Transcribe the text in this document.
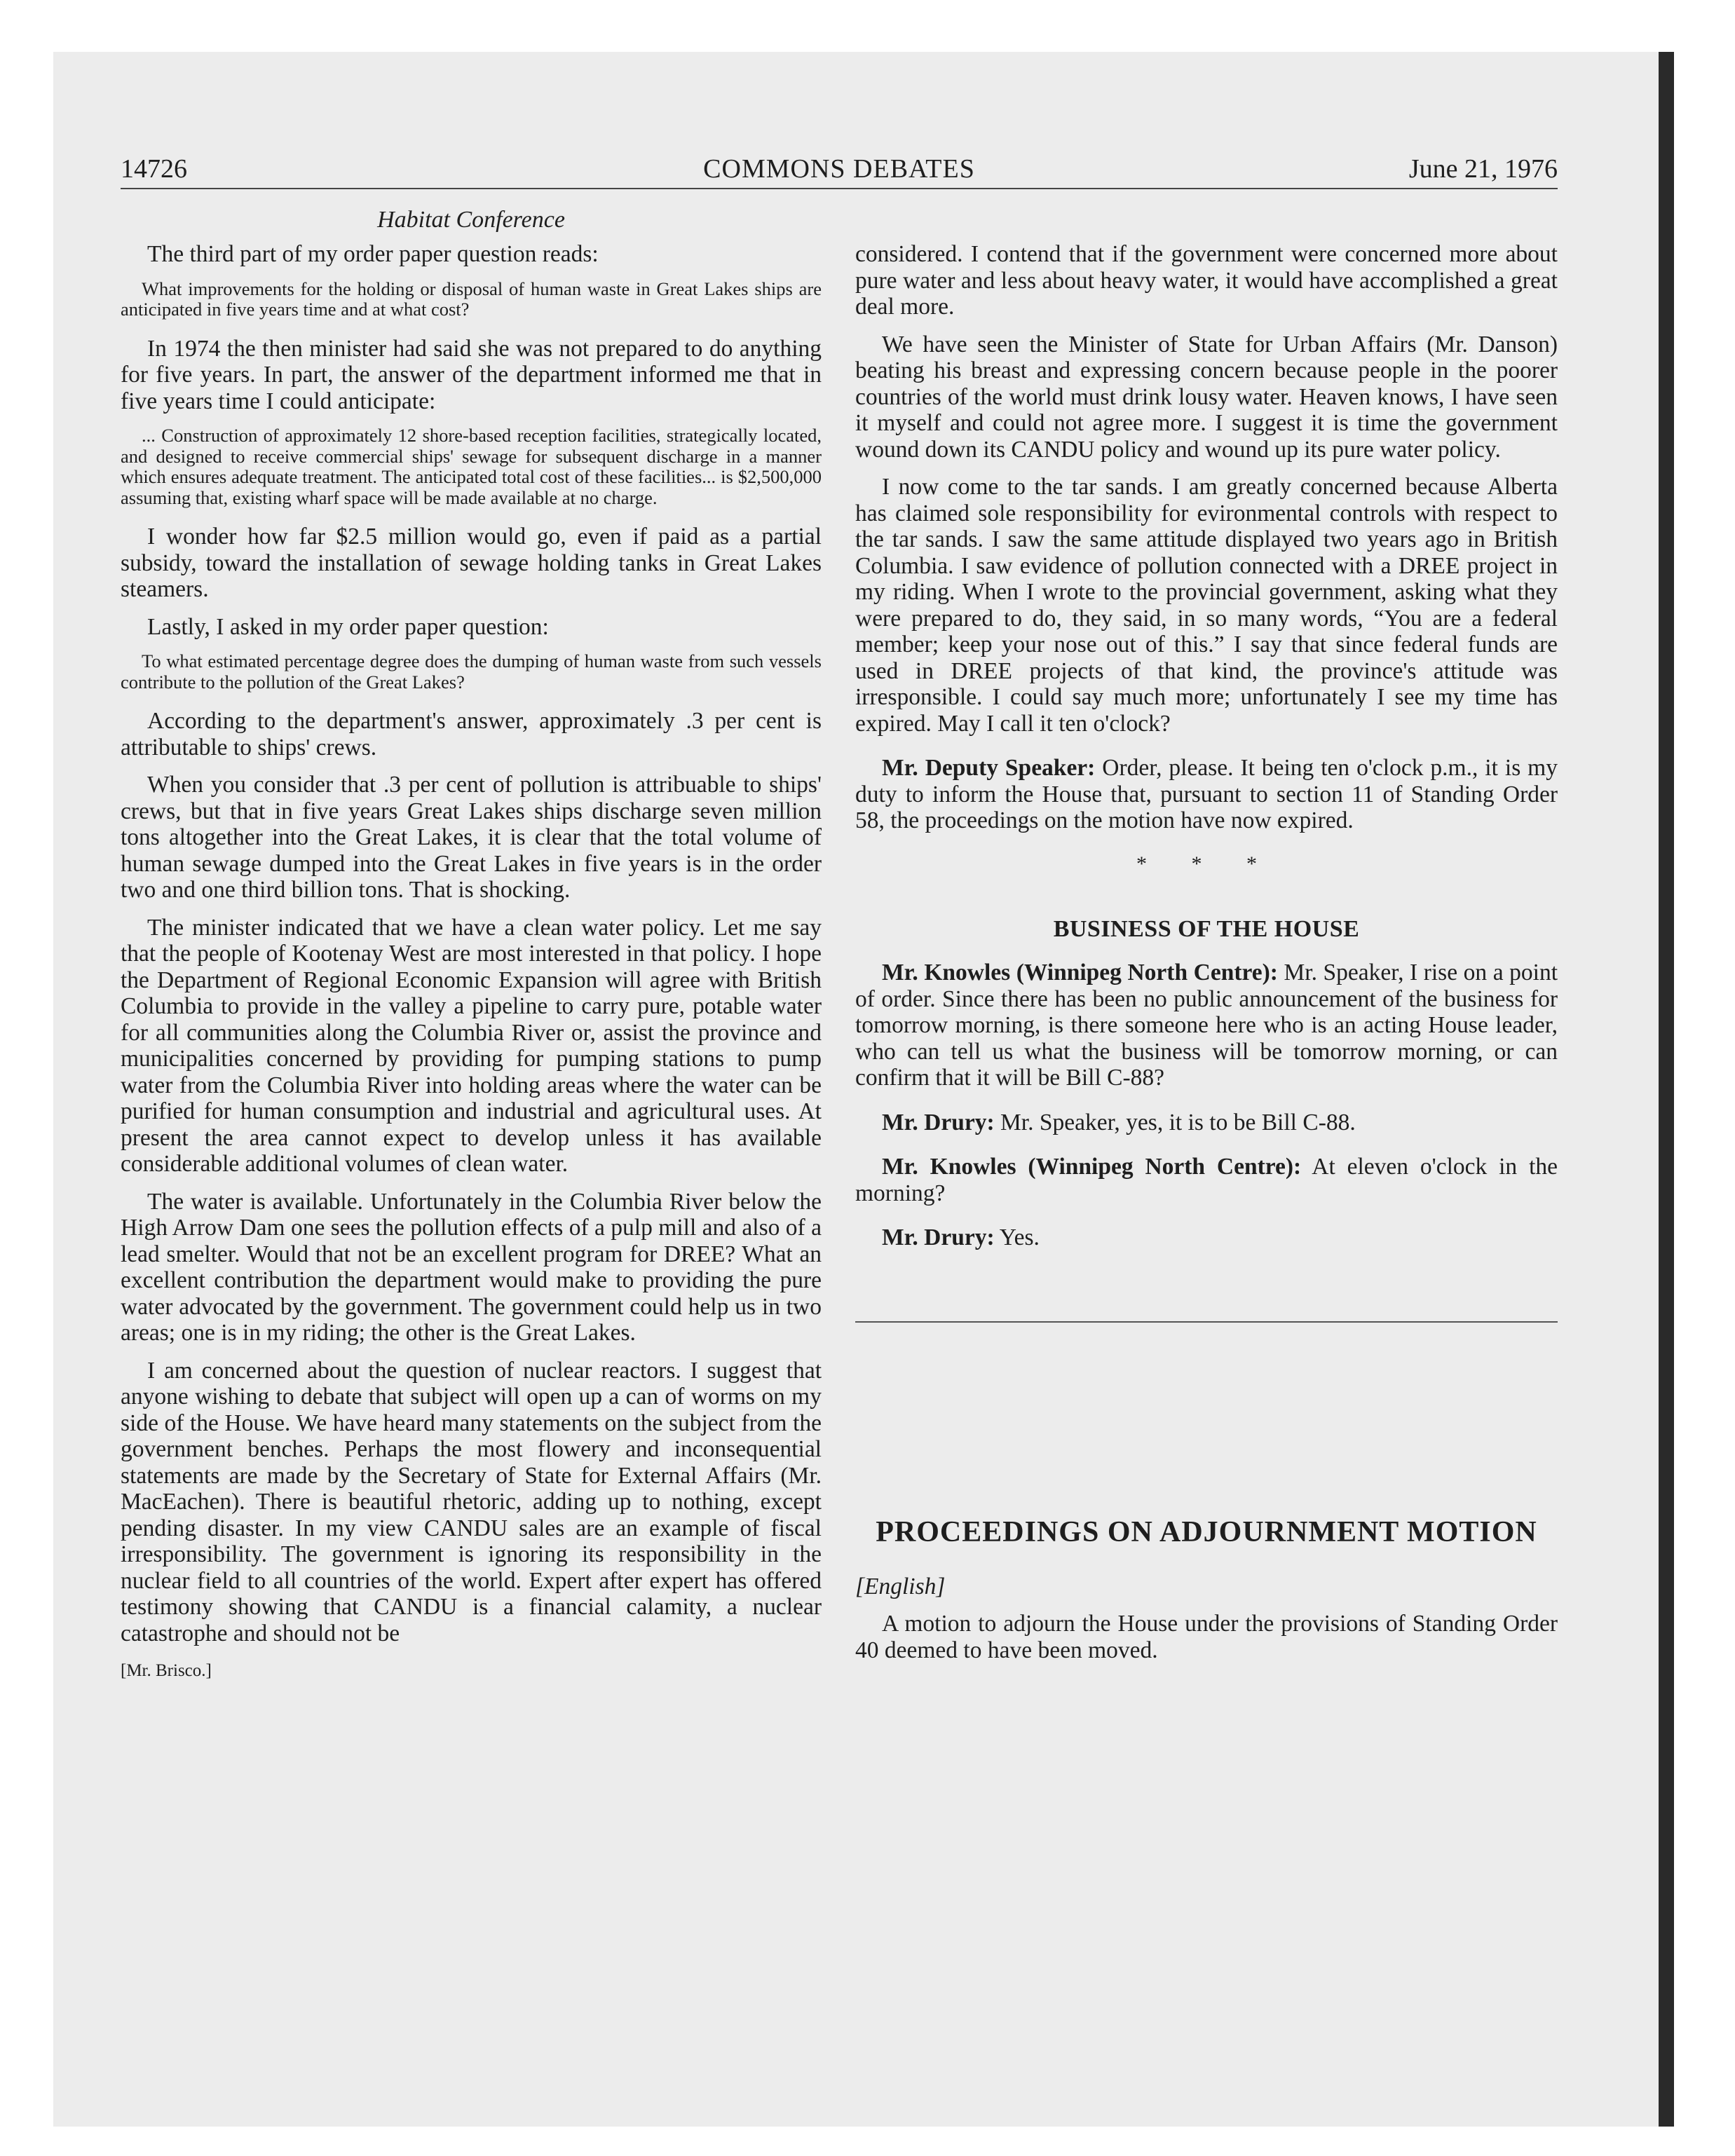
14726	COMMONS DEBATES	June 21, 1976
Habitat Conference

The third part of my order paper question reads:

What improvements for the holding or disposal of human waste in Great Lakes ships are anticipated in five years time and at what cost?

In 1974 the then minister had said she was not prepared to do anything for five years. In part, the answer of the department informed me that in five years time I could anticipate:

... Construction of approximately 12 shore-based reception facilities, strategically located, and designed to receive commercial ships' sewage for subsequent discharge in a manner which ensures adequate treatment. The anticipated total cost of these facilities... is $2,500,000 assuming that, existing wharf space will be made available at no charge.

I wonder how far $2.5 million would go, even if paid as a partial subsidy, toward the installation of sewage holding tanks in Great Lakes steamers.

Lastly, I asked in my order paper question:

To what estimated percentage degree does the dumping of human waste from such vessels contribute to the pollution of the Great Lakes?

According to the department's answer, approximately .3 per cent is attributable to ships' crews.

When you consider that .3 per cent of pollution is attribuable to ships' crews, but that in five years Great Lakes ships discharge seven million tons altogether into the Great Lakes, it is clear that the total volume of human sewage dumped into the Great Lakes in five years is in the order two and one third billion tons. That is shocking.

The minister indicated that we have a clean water policy. Let me say that the people of Kootenay West are most interested in that policy. I hope the Department of Regional Economic Expansion will agree with British Columbia to provide in the valley a pipeline to carry pure, potable water for all communities along the Columbia River or, assist the province and municipalities concerned by providing for pumping stations to pump water from the Columbia River into holding areas where the water can be purified for human consumption and industrial and agricultural uses. At present the area cannot expect to develop unless it has available considerable additional volumes of clean water.

The water is available. Unfortunately in the Columbia River below the High Arrow Dam one sees the pollution effects of a pulp mill and also of a lead smelter. Would that not be an excellent program for DREE? What an excellent contribution the department would make to providing the pure water advocated by the government. The government could help us in two areas; one is in my riding; the other is the Great Lakes.

I am concerned about the question of nuclear reactors. I suggest that anyone wishing to debate that subject will open up a can of worms on my side of the House. We have heard many statements on the subject from the government benches. Perhaps the most flowery and inconsequential statements are made by the Secretary of State for External Affairs (Mr. MacEachen). There is beautiful rhetoric, adding up to nothing, except pending disaster. In my view CANDU sales are an example of fiscal irresponsibility. The government is ignoring its responsibility in the nuclear field to all countries of the world. Expert after expert has offered testimony showing that CANDU is a financial calamity, a nuclear catastrophe and should not be

[Mr. Brisco.]

considered. I contend that if the government were concerned more about pure water and less about heavy water, it would have accomplished a great deal more.

We have seen the Minister of State for Urban Affairs (Mr. Danson) beating his breast and expressing concern because people in the poorer countries of the world must drink lousy water. Heaven knows, I have seen it myself and could not agree more. I suggest it is time the government wound down its CANDU policy and wound up its pure water policy.

I now come to the tar sands. I am greatly concerned because Alberta has claimed sole responsibility for evironmental controls with respect to the tar sands. I saw the same attitude displayed two years ago in British Columbia. I saw evidence of pollution connected with a DREE project in my riding. When I wrote to the provincial government, asking what they were prepared to do, they said, in so many words, “You are a federal member; keep your nose out of this.” I say that since federal funds are used in DREE projects of that kind, the province's attitude was irresponsible. I could say much more; unfortunately I see my time has expired. May I call it ten o'clock?

Mr. Deputy Speaker: Order, please. It being ten o'clock p.m., it is my duty to inform the House that, pursuant to section 11 of Standing Order 58, the proceedings on the motion have now expired.

* * *
BUSINESS OF THE HOUSE

Mr. Knowles (Winnipeg North Centre): Mr. Speaker, I rise on a point of order. Since there has been no public announcement of the business for tomorrow morning, is there someone here who is an acting House leader, who can tell us what the business will be tomorrow morning, or can confirm that it will be Bill C-88?

Mr. Drury: Mr. Speaker, yes, it is to be Bill C-88.

Mr. Knowles (Winnipeg North Centre): At eleven o'clock in the morning?

Mr. Drury: Yes.

PROCEEDINGS ON ADJOURNMENT MOTION

[English]

A motion to adjourn the House under the provisions of Standing Order 40 deemed to have been moved.
